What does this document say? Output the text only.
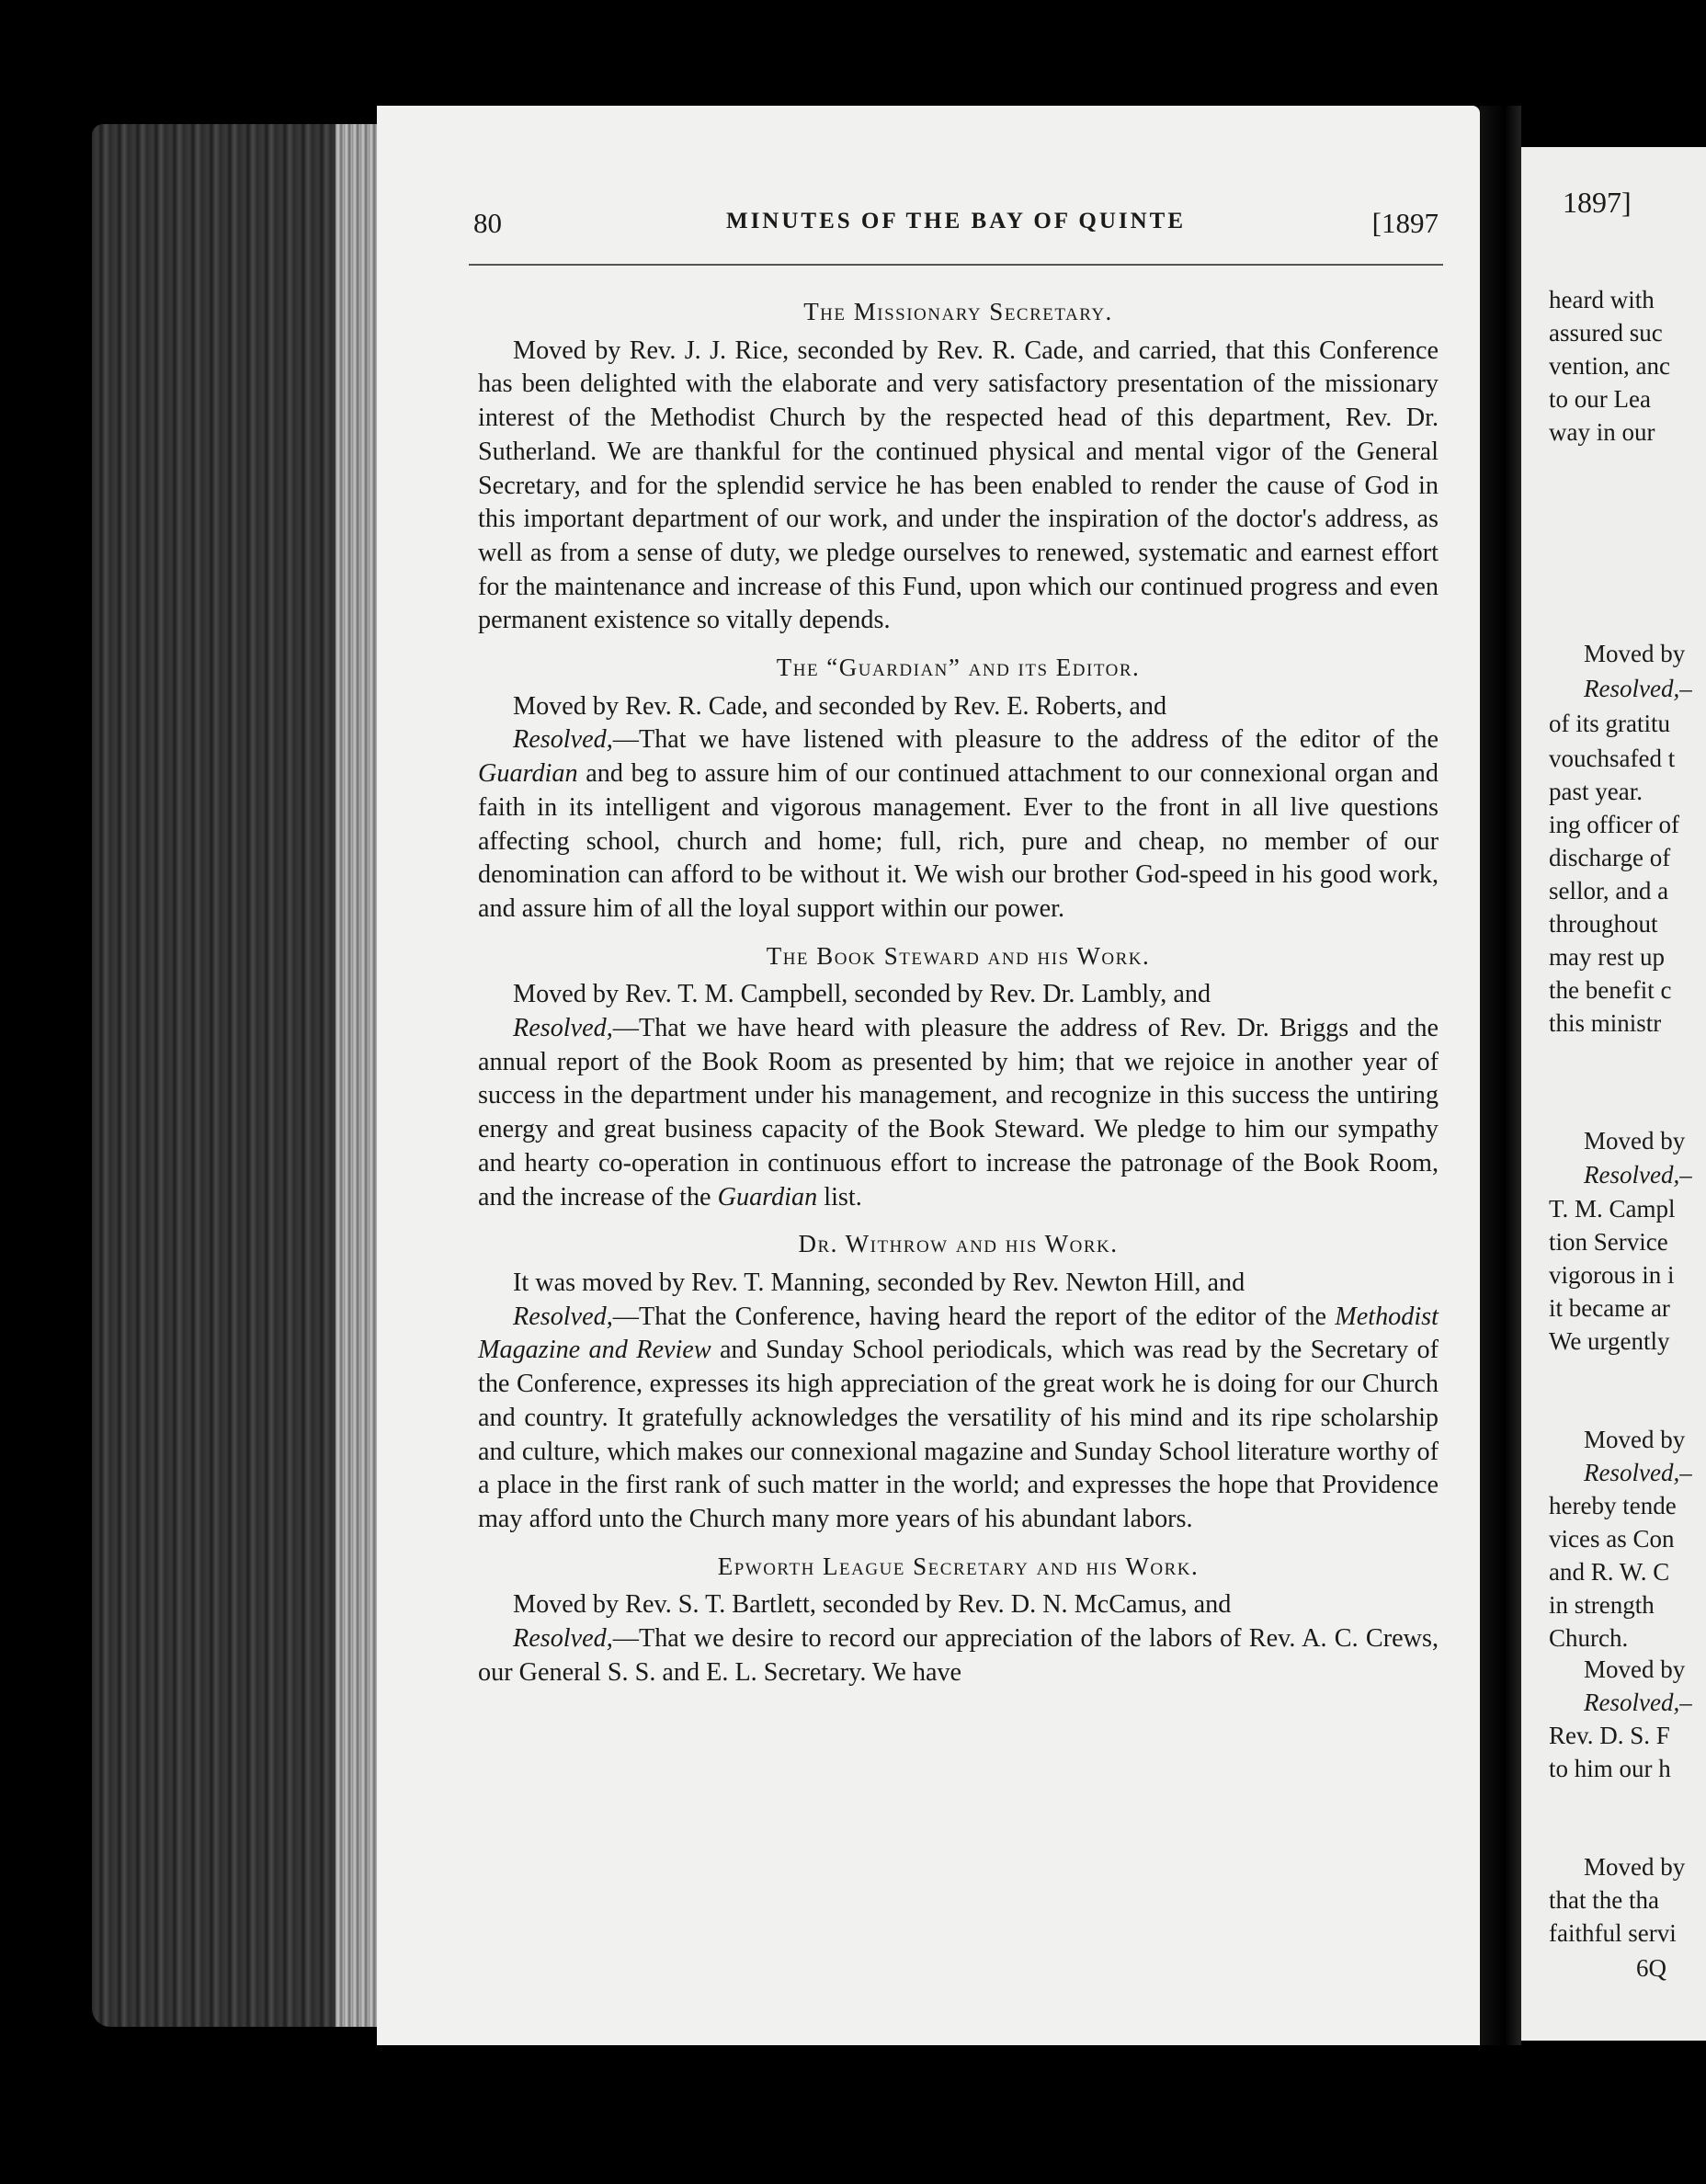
80	MINUTES OF THE BAY OF QUINTE	[1897
The Missionary Secretary.

Moved by Rev. J. J. Rice, seconded by Rev. R. Cade, and carried, that this Conference has been delighted with the elaborate and very satisfactory presentation of the missionary interest of the Methodist Church by the respected head of this department, Rev. Dr. Sutherland. We are thankful for the continued physical and mental vigor of the General Secretary, and for the splendid service he has been enabled to render the cause of God in this important department of our work, and under the inspiration of the doctor's address, as well as from a sense of duty, we pledge ourselves to renewed, systematic and earnest effort for the maintenance and increase of this Fund, upon which our continued progress and even permanent existence so vitally depends.

The “Guardian” and its Editor.

Moved by Rev. R. Cade, and seconded by Rev. E. Roberts, and

Resolved,—That we have listened with pleasure to the address of the editor of the Guardian and beg to assure him of our continued attachment to our connexional organ and faith in its intelligent and vigorous management. Ever to the front in all live questions affecting school, church and home; full, rich, pure and cheap, no member of our denomination can afford to be without it. We wish our brother God-speed in his good work, and assure him of all the loyal support within our power.

The Book Steward and his Work.

Moved by Rev. T. M. Campbell, seconded by Rev. Dr. Lambly, and

Resolved,—That we have heard with pleasure the address of Rev. Dr. Briggs and the annual report of the Book Room as presented by him; that we rejoice in another year of success in the department under his management, and recognize in this success the untiring energy and great business capacity of the Book Steward. We pledge to him our sympathy and hearty co-operation in continuous effort to increase the patronage of the Book Room, and the increase of the Guardian list.

Dr. Withrow and his Work.

It was moved by Rev. T. Manning, seconded by Rev. Newton Hill, and

Resolved,—That the Conference, having heard the report of the editor of the Methodist Magazine and Review and Sunday School periodicals, which was read by the Secretary of the Conference, expresses its high appreciation of the great work he is doing for our Church and country. It gratefully acknowledges the versatility of his mind and its ripe scholarship and culture, which makes our connexional magazine and Sunday School literature worthy of a place in the first rank of such matter in the world; and expresses the hope that Providence may afford unto the Church many more years of his abundant labors.

Epworth League Secretary and his Work.

Moved by Rev. S. T. Bartlett, seconded by Rev. D. N. McCamus, and

Resolved,—That we desire to record our appreciation of the labors of Rev. A. C. Crews, our General S. S. and E. L. Secretary. We have

1897]
heard with
assured suc
vention, anc
to our Lea
way in our
Moved by
Resolved,–
of its gratitu
vouchsafed t
past year.
ing officer of
discharge of
sellor, and a
throughout
may rest up
the benefit c
this ministr
Moved by
Resolved,–
T. M. Campl
tion Service
vigorous in i
it became ar
We urgently
Moved by
Resolved,–
hereby tende
vices as Con
and R. W. C
in strength
Church.
Moved by
Resolved,–
Rev. D. S. F
to him our h
Moved by
that the tha
faithful servi
6Q
